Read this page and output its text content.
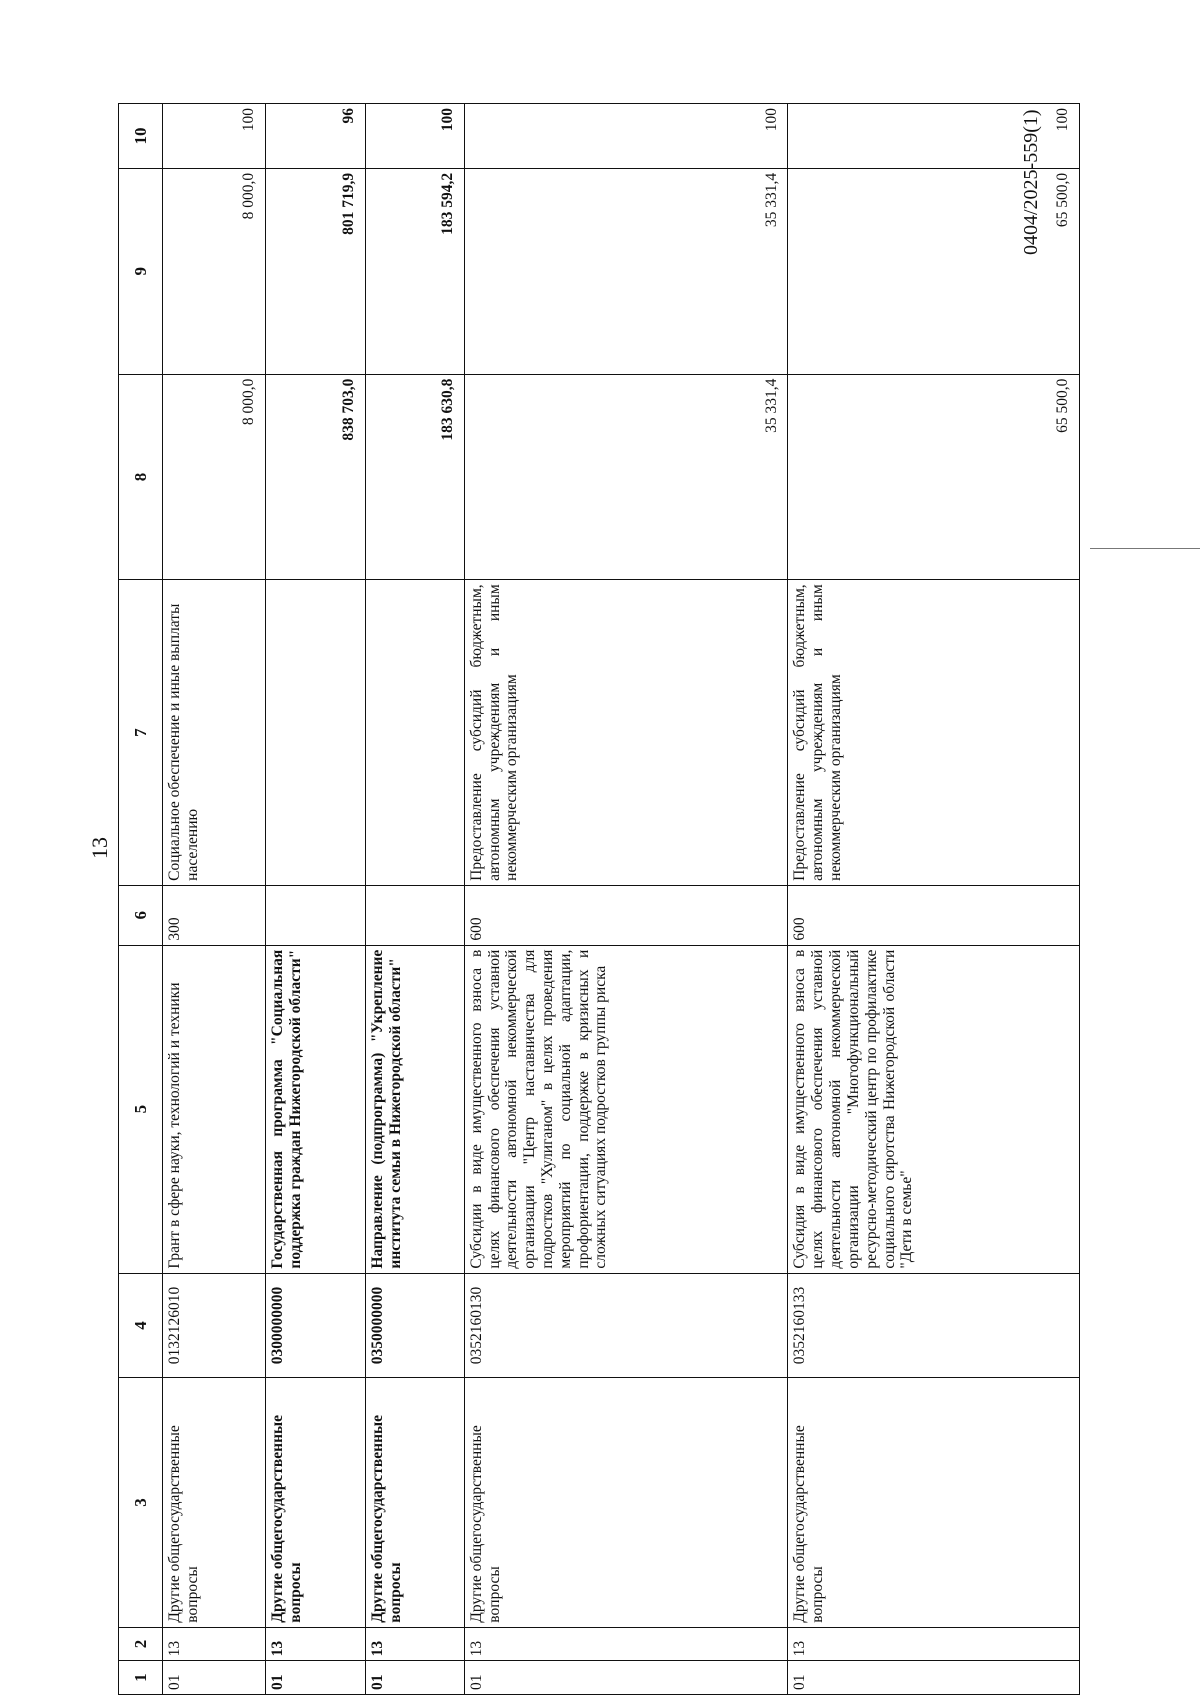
13
0404/2025-559(1)
1	2	3	4	5	6	7	8	9	10
01	13	Другие общегосударственные вопросы	0132126010	Грант в сфере науки, технологий и техники	300	Социальное обеспечение и иные выплаты населению	8 000,0	8 000,0	100
01	13	Другие общегосударственные вопросы	0300000000	Государственная программа "Социальная поддержка граждан Нижегородской области"			838 703,0	801 719,9	96
01	13	Другие общегосударственные вопросы	0350000000	Направление (подпрограмма) "Укрепление института семьи в Нижегородской области"			183 630,8	183 594,2	100
01	13	Другие общегосударственные вопросы	0352160130	Субсидии в виде имущественного взноса в целях финансового обеспечения уставной деятельности автономной некоммерческой организации "Центр наставничества для подростков "Хулиганом" в целях проведения мероприятий по социальной адаптации, профориентации, поддержке в кризисных и сложных ситуациях подростков группы риска	600	Предоставление субсидий бюджетным, автономным учреждениям и иным некоммерческим организациям	35 331,4	35 331,4	100
01	13	Другие общегосударственные вопросы	0352160133	Субсидия в виде имущественного взноса в целях финансового обеспечения уставной деятельности автономной некоммерческой организации "Многофункциональный ресурсно-методический центр по профилактике социального сиротства Нижегородской области "Дети в семье"	600	Предоставление субсидий бюджетным, автономным учреждениям и иным некоммерческим организациям	65 500,0	65 500,0	100
